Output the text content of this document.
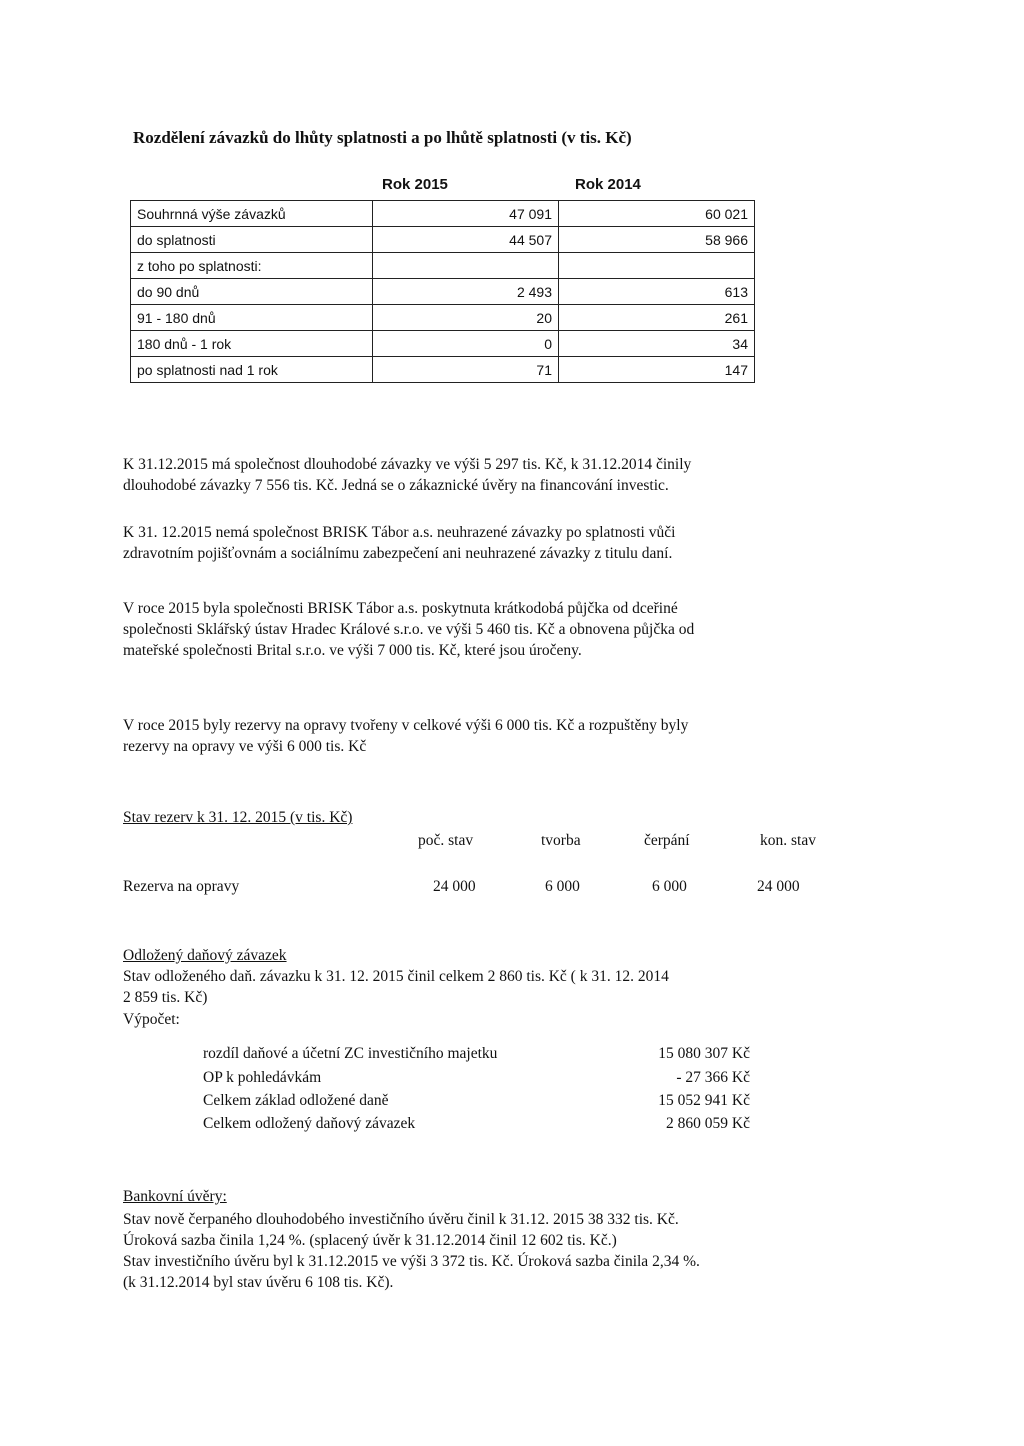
Rozdělení závazků do lhůty splatnosti a po lhůtě splatnosti (v tis. Kč)
Rok 2015	Rok 2014
Souhrnná výše závazků	47 091	60 021
do splatnosti	44 507	58 966
z toho po splatnosti:		
do 90 dnů	2 493	613
91 - 180 dnů	20	261
180 dnů - 1 rok	0	34
po splatnosti nad 1 rok	71	147
K 31.12.2015 má společnost dlouhodobé závazky ve výši 5 297 tis. Kč, k 31.12.2014 činily
dlouhodobé závazky 7 556 tis. Kč. Jedná se o zákaznické úvěry na financování investic.
K 31. 12.2015 nemá společnost BRISK Tábor a.s. neuhrazené závazky po splatnosti vůči
zdravotním pojišťovnám a sociálnímu zabezpečení ani neuhrazené závazky z titulu daní.
V roce 2015 byla společnosti BRISK Tábor a.s. poskytnuta krátkodobá půjčka od dceřiné
společnosti Sklářský ústav Hradec Králové s.r.o. ve výši 5 460 tis. Kč a obnovena půjčka od
mateřské společnosti Brital s.r.o. ve výši 7 000 tis. Kč, které jsou úročeny.
V roce 2015 byly rezervy na opravy tvořeny v celkové výši 6 000 tis. Kč a rozpuštěny byly
rezervy na opravy ve výši 6 000 tis. Kč
Stav rezerv k 31. 12. 2015 (v tis. Kč)
poč. stav	tvorba	čerpání	kon. stav
Rezerva na opravy	24 000	6 000	6 000	24 000
Odložený daňový závazek
Stav odloženého daň. závazku k 31. 12. 2015 činil celkem 2 860 tis. Kč ( k 31. 12. 2014
2 859 tis. Kč)
Výpočet:
rozdíl daňové a účetní ZC investičního majetku	15 080 307 Kč
OP k pohledávkám	- 27 366 Kč
Celkem základ odložené daně	15 052 941 Kč
Celkem odložený daňový závazek	2 860 059 Kč
Bankovní úvěry:
Stav nově čerpaného dlouhodobého investičního úvěru činil k 31.12. 2015 38 332 tis. Kč.
Úroková sazba činila 1,24 %. (splacený úvěr k 31.12.2014 činil 12 602 tis. Kč.)
Stav investičního úvěru byl k 31.12.2015 ve výši 3 372 tis. Kč. Úroková sazba činila 2,34 %.
(k 31.12.2014 byl stav úvěru 6 108 tis. Kč).
